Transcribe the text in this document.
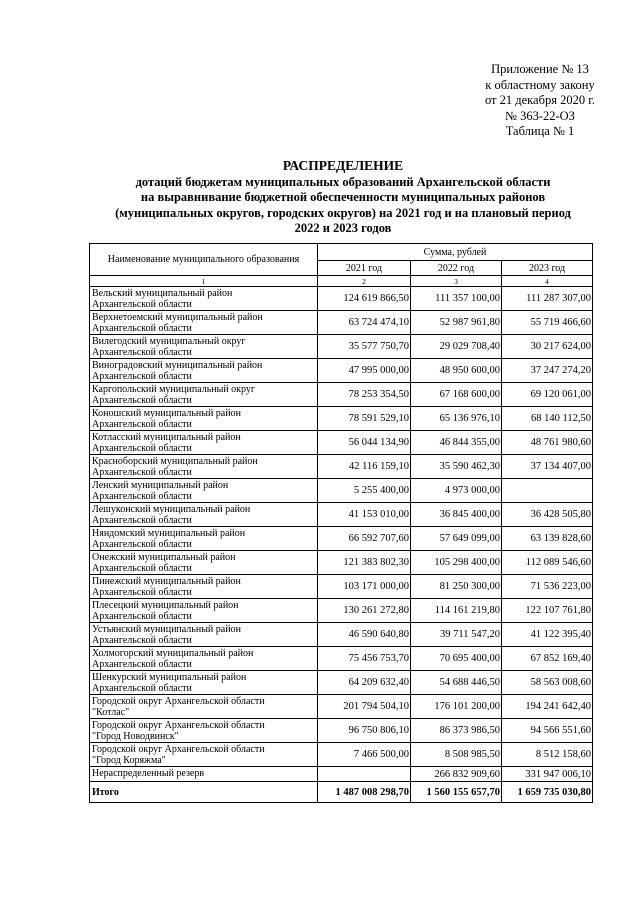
Приложение № 13
к областному закону
от 21 декабря 2020 г.
№ 363-22-ОЗ
Таблица № 1
РАСПРЕДЕЛЕНИЕ
дотаций бюджетам муниципальных образований Архангельской области
на выравнивание бюджетной обеспеченности муниципальных районов
(муниципальных округов, городских округов) на 2021 год и на плановый период
2022 и 2023 годов
Наименование муниципального образования	Сумма, рублей		
	2021 год	2022 год	2023 год
1	2	3	4

Вельский муниципальный район
Архангельской области	124 619 866,50	111 357 100,00	111 287 307,00

Верхнетоемский муниципальный район
Архангельской области	63 724 474,10	52 987 961,80	55 719 466,60

Вилегодский муниципальный округ
Архангельской области	35 577 750,70	29 029 708,40	30 217 624,00

Виноградовский муниципальный район
Архангельской области	47 995 000,00	48 950 600,00	37 247 274,20

Каргопольский муниципальный округ
Архангельской области	78 253 354,50	67 168 600,00	69 120 061,00

Коношский муниципальный район
Архангельской области	78 591 529,10	65 136 976,10	68 140 112,50

Котласский муниципальный район
Архангельской области	56 044 134,90	46 844 355,00	48 761 980,60

Красноборский муниципальный район
Архангельской области	42 116 159,10	35 590 462,30	37 134 407,00

Ленский муниципальный район
Архангельской области	5 255 400,00	4 973 000,00	

Лешуконский муниципальный район
Архангельской области	41 153 010,00	36 845 400,00	36 428 505,80

Няндомский муниципальный район
Архангельской области	66 592 707,60	57 649 099,00	63 139 828,60

Онежский муниципальный район
Архангельской области	121 383 802,30	105 298 400,00	112 089 546,60

Пинежский муниципальный район
Архангельской области	103 171 000,00	81 250 300,00	71 536 223,00

Плесецкий муниципальный район
Архангельской области	130 261 272,80	114 161 219,80	122 107 761,80

Устьянский муниципальный район
Архангельской области	46 590 640,80	39 711 547,20	41 122 395,40

Холмогорский муниципальный район
Архангельской области	75 456 753,70	70 695 400,00	67 852 169,40

Шенкурский муниципальный район
Архангельской области	64 209 632,40	54 688 446,50	58 563 008,60

Городской округ Архангельской области
"Котлас"	201 794 504,10	176 101 200,00	194 241 642,40

Городской округ Архангельской области
"Город Новодвинск"	96 750 806,10	86 373 986,50	94 566 551,60

Городской округ Архангельской области
"Город Коряжма"	7 466 500,00	8 508 985,50	8 512 158,60

Нераспределенный резерв		266 832 909,60	331 947 006,10
Итого	1 487 008 298,70	1 560 155 657,70	1 659 735 030,80
